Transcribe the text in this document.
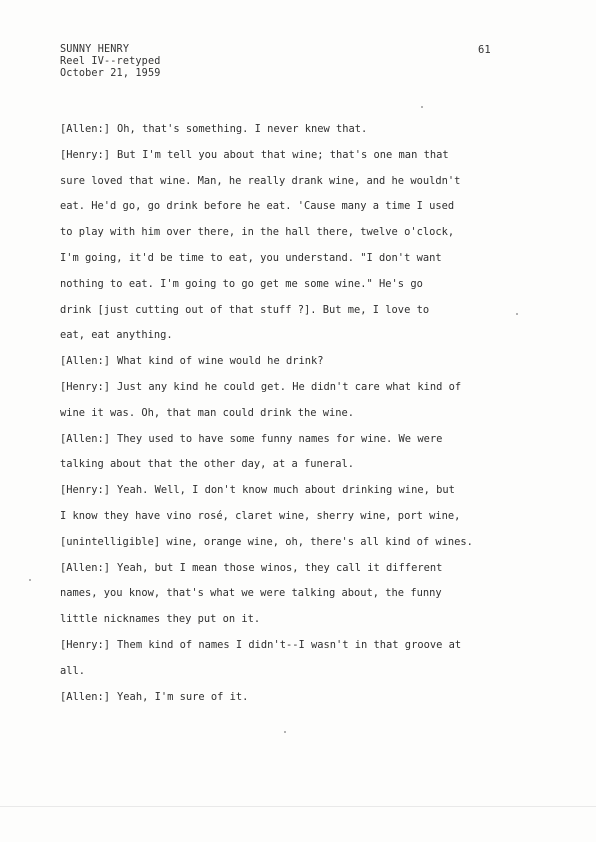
SUNNY HENRY
Reel IV--retyped
October 21, 1959
61
[Allen:] Oh, that's something. I never knew that.
[Henry:] But I'm tell you about that wine; that's one man that
sure loved that wine. Man, he really drank wine, and he wouldn't
eat. He'd go, go drink before he eat. 'Cause many a time I used
to play with him over there, in the hall there, twelve o'clock,
I'm going, it'd be time to eat, you understand. "I don't want
nothing to eat. I'm going to go get me some wine." He's go
drink [just cutting out of that stuff ?]. But me, I love to
eat, eat anything.
[Allen:] What kind of wine would he drink?
[Henry:] Just any kind he could get. He didn't care what kind of
wine it was. Oh, that man could drink the wine.
[Allen:] They used to have some funny names for wine. We were
talking about that the other day, at a funeral.
[Henry:] Yeah. Well, I don't know much about drinking wine, but
I know they have vino rosé, claret wine, sherry wine, port wine,
[unintelligible] wine, orange wine, oh, there's all kind of wines.
[Allen:] Yeah, but I mean those winos, they call it different
names, you know, that's what we were talking about, the funny
little nicknames they put on it.
[Henry:] Them kind of names I didn't--I wasn't in that groove at
all.
[Allen:] Yeah, I'm sure of it.
